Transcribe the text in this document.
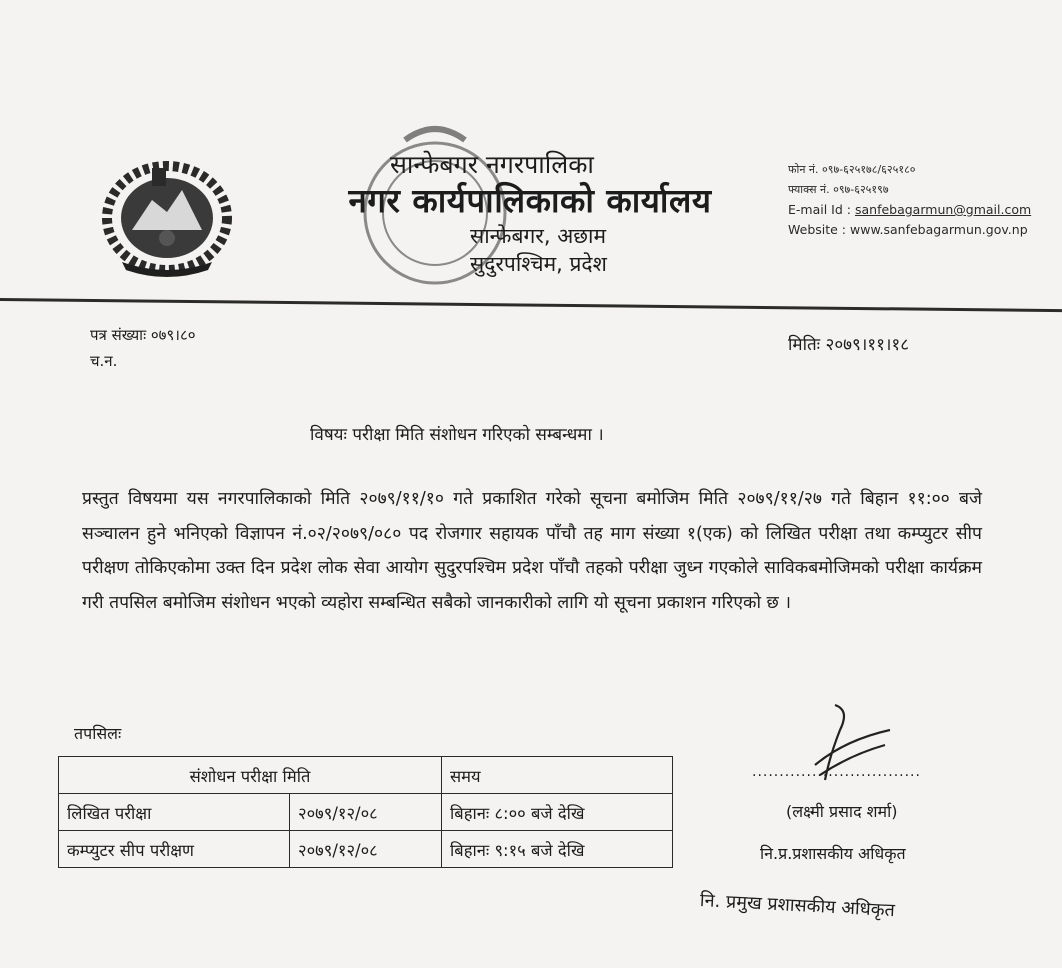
सान्फेबगर नगरपालिका
नगर कार्यपालिकाको कार्यालय
सान्फेबगर, अछाम
सुदुरपश्चिम, प्रदेश
फोन नं. ०९७-६२५१७८/६२५१८०
फ्याक्स नं. ०९७-६२५१९७
E-mail Id : sanfebagarmun@gmail.com
Website : www.sanfebagarmun.gov.np
पत्र संख्याः ०७९।८०
च.न.
मितिः २०७९।११।१८
विषयः परीक्षा मिति संशोधन गरिएको सम्बन्धमा ।
प्रस्तुत विषयमा यस नगरपालिकाको मिति २०७९/११/१० गते प्रकाशित गरेको सूचना बमोजिम मिति २०७९/११/२७ गते बिहान ११:०० बजे सञ्चालन हुने भनिएको विज्ञापन नं.०२/२०७९/०८० पद रोजगार सहायक पाँचौ तह माग संख्या १(एक) को लिखित परीक्षा तथा कम्प्युटर सीप परीक्षण तोकिएकोमा उक्त दिन प्रदेश लोक सेवा आयोग सुदुरपश्चिम प्रदेश पाँचौ तहको परीक्षा जुध्न गएकोले साविकबमोजिमको परीक्षा कार्यक्रम गरी तपसिल बमोजिम संशोधन भएको व्यहोरा सम्बन्धित सबैको जानकारीको लागि यो सूचना प्रकाशन गरिएको छ ।
तपसिलः
संशोधन परीक्षा मिति		समय
लिखित परीक्षा	२०७९/१२/०८	बिहानः ८:०० बजे देखि
कम्प्युटर सीप परीक्षण	२०७९/१२/०८	बिहानः ९:१५ बजे देखि
...............................
(लक्ष्मी प्रसाद शर्मा)
नि.प्र.प्रशासकीय अधिकृत
नि. प्रमुख प्रशासकीय अधिकृत
